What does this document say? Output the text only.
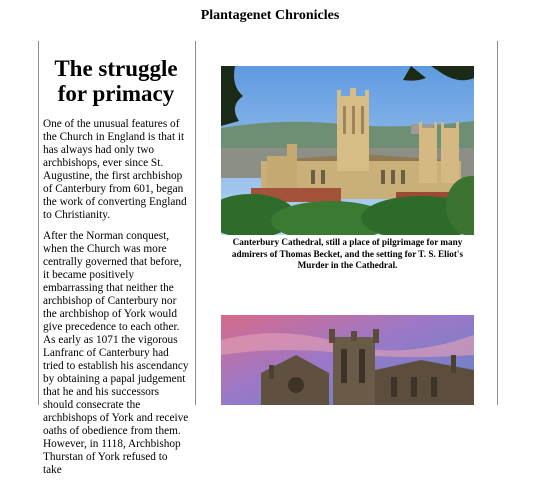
Plantagenet Chronicles
The struggle for primacy

One of the unusual features of the Church in England is that it has always had only two archbishops, ever since St. Augustine, the first archbishop of Canterbury from 601, began the work of converting England to Christianity.

After the Norman conquest, when the Church was more centrally governed that before, it became positively embarrassing that neither the archbishop of Canterbury nor the archbishop of York would give precedence to each other. As early as 1071 the vigorous Lanfranc of Canterbury had tried to establish his ascendancy by obtaining a papal judgement that he and his successors should consecrate the archbishops of York and receive oaths of obedience from them. However, in 1118, Archbishop Thurstan of York refused to take

Canterbury Cathedral, still a place of pilgrimage for many admirers of Thomas Becket, and the setting for T. S. Eliot's Murder in the Cathedral.
